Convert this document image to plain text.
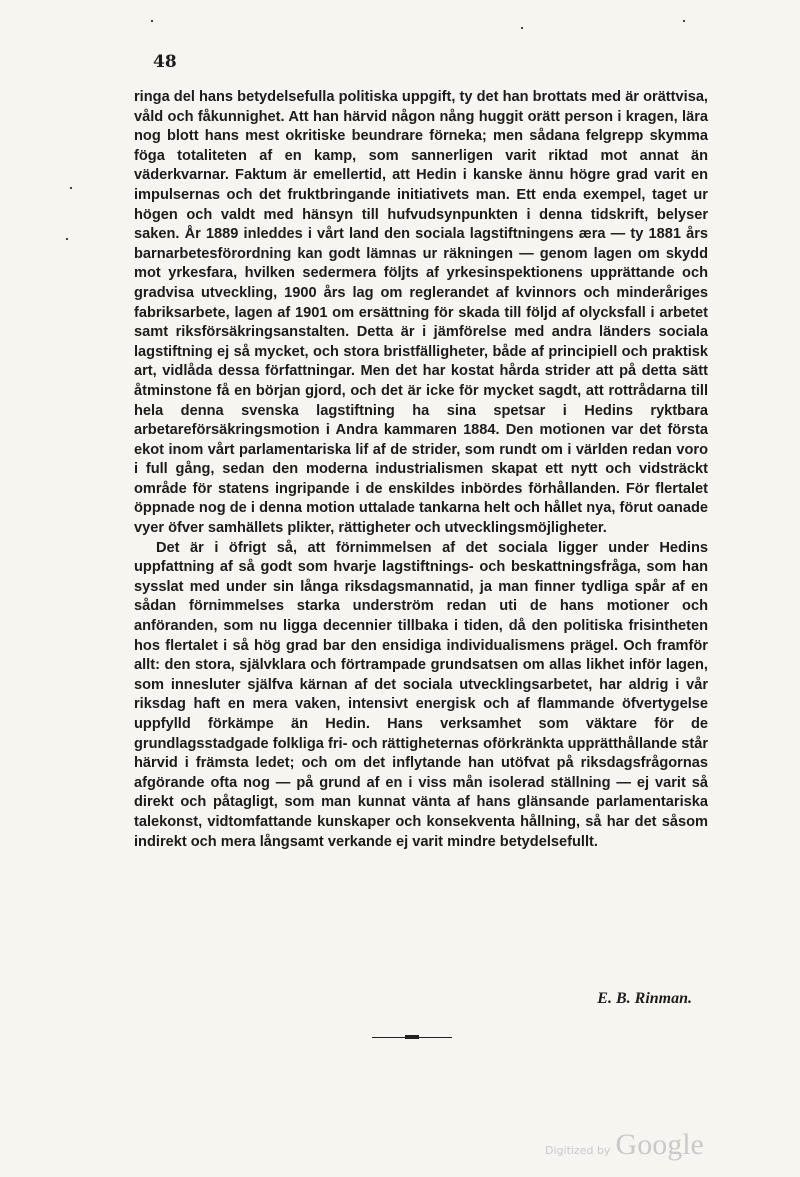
48

ringa del hans betydelsefulla politiska uppgift, ty det han brottats med är orättvisa, våld och fåkunnighet. Att han härvid någon nång huggit orätt person i kragen, lära nog blott hans mest okritiske beundrare förneka; men sådana felgrepp skymma föga totaliteten af en kamp, som sannerligen varit riktad mot annat än väderkvarnar. Faktum är emellertid, att Hedin i kanske ännu högre grad varit en impulsernas och det fruktbringande initiativets man. Ett enda exempel, taget ur högen och valdt med hänsyn till hufvudsynpunkten i denna tidskrift, belyser saken. År 1889 inleddes i vårt land den sociala lagstiftningens æra — ty 1881 års barnarbetesförordning kan godt lämnas ur räkningen — genom lagen om skydd mot yrkesfara, hvilken sedermera följts af yrkesinspektionens upprättande och gradvisa utveckling, 1900 års lag om reglerandet af kvinnors och minderåriges fabriksarbete, lagen af 1901 om ersättning för skada till följd af olycksfall i arbetet samt riksförsäkringsanstalten. Detta är i jämförelse med andra länders sociala lagstiftning ej så mycket, och stora bristfälligheter, både af principiell och praktisk art, vidlåda dessa författningar. Men det har kostat hårda strider att på detta sätt åtminstone få en början gjord, och det är icke för mycket sagdt, att rottrådarna till hela denna svenska lagstiftning ha sina spetsar i Hedins ryktbara arbetareförsäkringsmotion i Andra kammaren 1884. Den motionen var det första ekot inom vårt parlamentariska lif af de strider, som rundt om i världen redan voro i full gång, sedan den moderna industrialismen skapat ett nytt och vidsträckt område för statens ingripande i de enskildes inbördes förhållanden. För flertalet öppnade nog de i denna motion uttalade tankarna helt och hållet nya, förut oanade vyer öfver samhällets plikter, rättigheter och utvecklingsmöjligheter.

Det är i öfrigt så, att förnimmelsen af det sociala ligger under Hedins uppfattning af så godt som hvarje lagstiftnings- och beskattningsfråga, som han sysslat med under sin långa riksdagsmannatid, ja man finner tydliga spår af en sådan förnimmelses starka underström redan uti de hans motioner och anföranden, som nu ligga decennier tillbaka i tiden, då den politiska frisintheten hos flertalet i så hög grad bar den ensidiga individualismens prägel. Och framför allt: den stora, självklara och förtrampade grundsatsen om allas likhet inför lagen, som innesluter själfva kärnan af det sociala utvecklingsarbetet, har aldrig i vår riksdag haft en mera vaken, intensivt energisk och af flammande öfvertygelse uppfylld förkämpe än Hedin. Hans verksamhet som väktare för de grundlagsstadgade folkliga fri- och rättigheternas oförkränkta upprätthållande står härvid i främsta ledet; och om det inflytande han utöfvat på riksdagsfrågornas afgörande ofta nog — på grund af en i viss mån isolerad ställning — ej varit så direkt och påtagligt, som man kunnat vänta af hans glänsande parlamentariska talekonst, vidtomfattande kunskaper och konsekventa hållning, så har det såsom indirekt och mera långsamt verkande ej varit mindre betydelsefullt.

E. B. Rinman.
Digitized by Google
